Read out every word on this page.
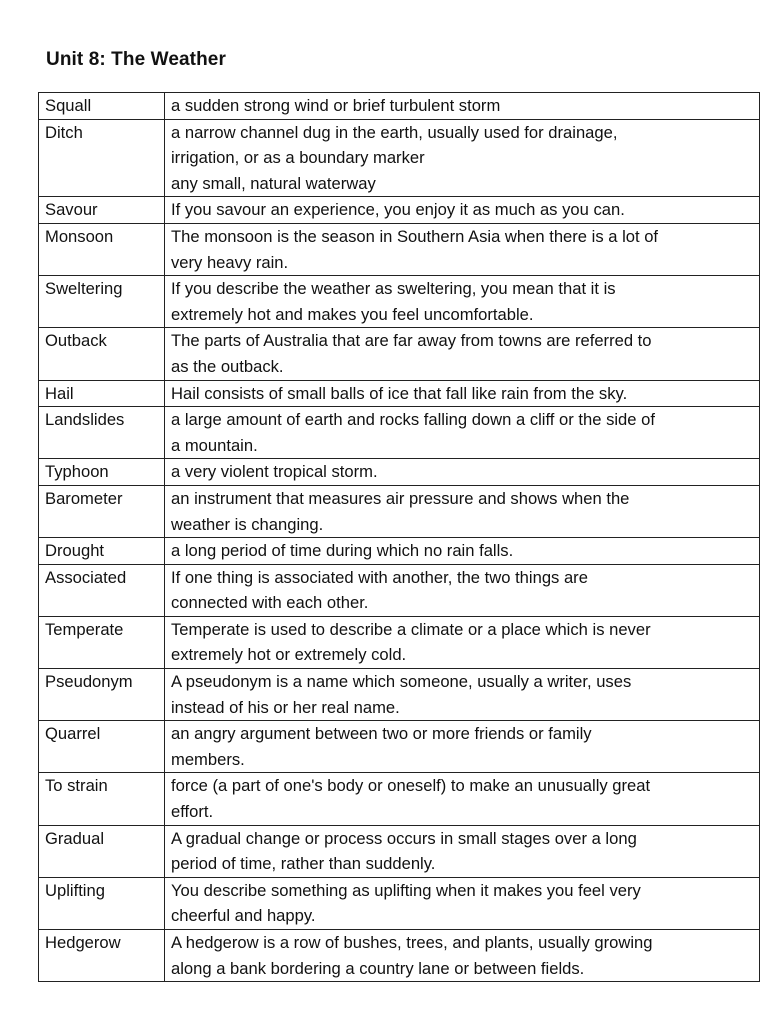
Unit 8: The Weather
Squall	a sudden strong wind or brief turbulent storm
Ditch	a narrow channel dug in the earth, usually used for drainage,
irrigation, or as a boundary marker
any small, natural waterway
Savour	If you savour an experience, you enjoy it as much as you can.
Monsoon	The monsoon is the season in Southern Asia when there is a lot of
very heavy rain.
Sweltering	If you describe the weather as sweltering, you mean that it is
extremely hot and makes you feel uncomfortable.
Outback	The parts of Australia that are far away from towns are referred to
as the outback.
Hail	Hail consists of small balls of ice that fall like rain from the sky.
Landslides	a large amount of earth and rocks falling down a cliff or the side of
a mountain.
Typhoon	a very violent tropical storm.
Barometer	an instrument that measures air pressure and shows when the
weather is changing.
Drought	a long period of time during which no rain falls.
Associated	If one thing is associated with another, the two things are
connected with each other.
Temperate	Temperate is used to describe a climate or a place which is never
extremely hot or extremely cold.
Pseudonym	A pseudonym is a name which someone, usually a writer, uses
instead of his or her real name.
Quarrel	an angry argument between two or more friends or family
members.
To strain	force (a part of one's body or oneself) to make an unusually great
effort.
Gradual	A gradual change or process occurs in small stages over a long
period of time, rather than suddenly.
Uplifting	You describe something as uplifting when it makes you feel very
cheerful and happy.
Hedgerow	A hedgerow is a row of bushes, trees, and plants, usually growing
along a bank bordering a country lane or between fields.
